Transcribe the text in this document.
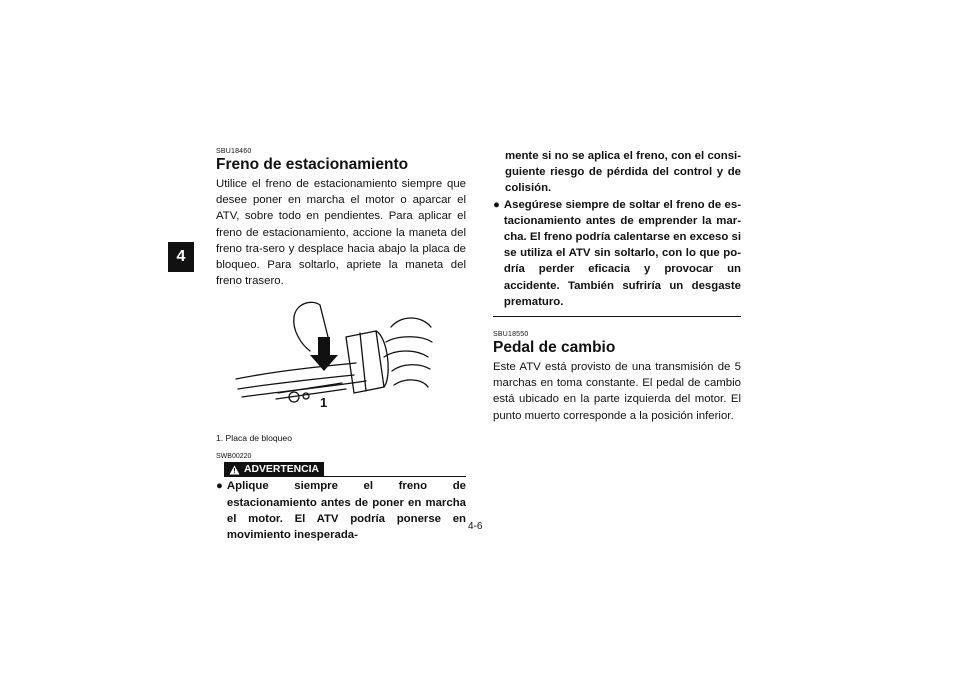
4
SBU18460
Freno de estacionamiento

Utilice el freno de estacionamiento siempre que desee poner en marcha el motor o aparcar el ATV, sobre todo en pendientes. Para aplicar el freno de estacionamiento, accione la maneta del freno tra-sero y desplace hacia abajo la placa de bloqueo. Para soltarlo, apriete la maneta del freno trasero.

1
1. Placa de bloqueo
SWB00220
ADVERTENCIA
● Aplique siempre el freno de estacionamiento antes de poner en marcha el motor. El ATV podría ponerse en movimiento inesperada-

mente si no se aplica el freno, con el consi-guiente riesgo de pérdida del control y de colisión.

● Asegúrese siempre de soltar el freno de es-tacionamiento antes de emprender la mar-cha. El freno podría calentarse en exceso si se utiliza el ATV sin soltarlo, con lo que po-dría perder eficacia y provocar un accidente. También sufriría un desgaste prematuro.
SBU18550
Pedal de cambio

Este ATV está provisto de una transmisión de 5 marchas en toma constante. El pedal de cambio está ubicado en la parte izquierda del motor. El punto muerto corresponde a la posición inferior.

4-6
